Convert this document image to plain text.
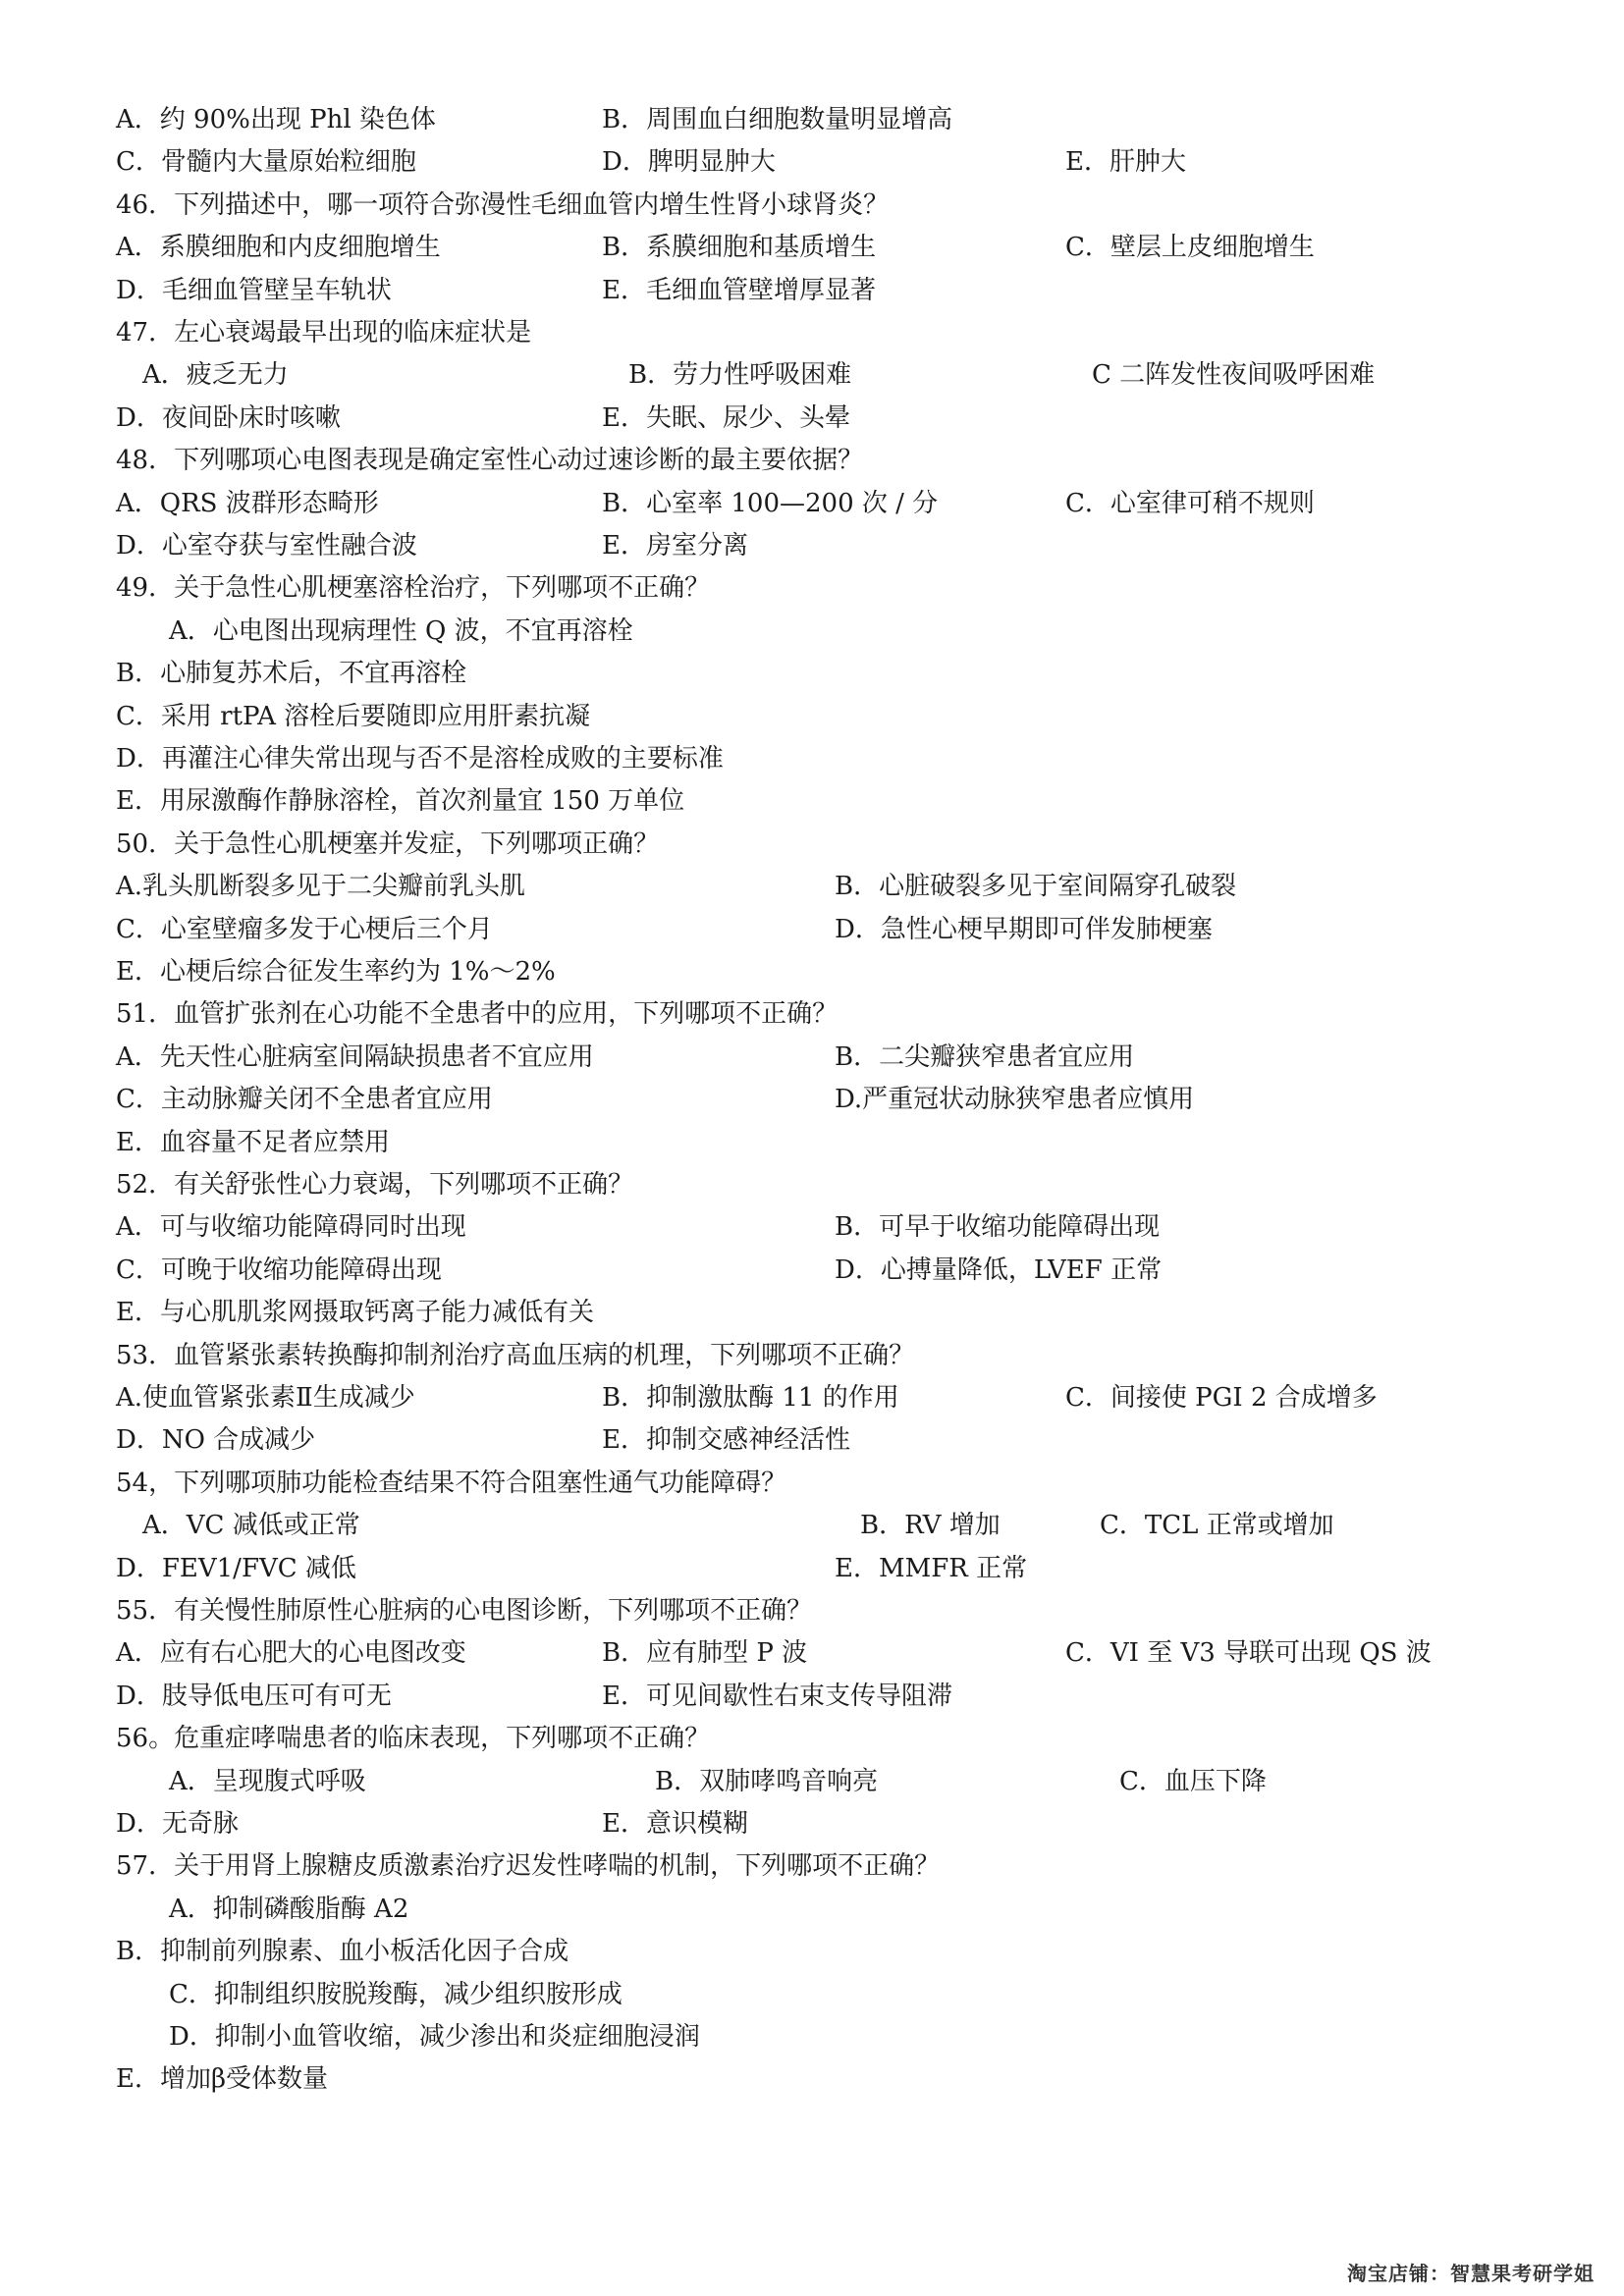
淘宝店铺：智慧果考研学姐
A．约 90%出现 Phl 染色体	B．周围血白细胞数量明显增高
C．骨髓内大量原始粒细胞	D．脾明显肿大	E．肝肿大
46．下列描述中，哪一项符合弥漫性毛细血管内增生性肾小球肾炎？
A．系膜细胞和内皮细胞增生	B．系膜细胞和基质增生	C．壁层上皮细胞增生
D．毛细血管壁呈车轨状	E．毛细血管壁增厚显著
47．左心衰竭最早出现的临床症状是
A．疲乏无力	B．劳力性呼吸困难	C 二阵发性夜间吸呼困难
D．夜间卧床时咳嗽	E．失眠、尿少、头晕
48．下列哪项心电图表现是确定室性心动过速诊断的最主要依据？
A．QRS 波群形态畸形	B．心室率 100—200 次 / 分	C．心室律可稍不规则
D．心室夺获与室性融合波	E．房室分离
49．关于急性心肌梗塞溶栓治疗，下列哪项不正确？
A．心电图出现病理性 Q 波，不宜再溶栓
B．心肺复苏术后，不宜再溶栓
C．采用 rtPA 溶栓后要随即应用肝素抗凝
D．再灌注心律失常出现与否不是溶栓成败的主要标准
E．用尿激酶作静脉溶栓，首次剂量宜 150 万单位
50．关于急性心肌梗塞并发症，下列哪项正确？
A.乳头肌断裂多见于二尖瓣前乳头肌	B．心脏破裂多见于室间隔穿孔破裂
C．心室壁瘤多发于心梗后三个月	D．急性心梗早期即可伴发肺梗塞
E．心梗后综合征发生率约为 1%～2%
51．血管扩张剂在心功能不全患者中的应用，下列哪项不正确？
A．先天性心脏病室间隔缺损患者不宜应用	B．二尖瓣狭窄患者宜应用
C．主动脉瓣关闭不全患者宜应用	D.严重冠状动脉狭窄患者应慎用
E．血容量不足者应禁用
52．有关舒张性心力衰竭，下列哪项不正确？
A．可与收缩功能障碍同时出现	B．可早于收缩功能障碍出现
C．可晚于收缩功能障碍出现	D．心搏量降低，LVEF 正常
E．与心肌肌浆网摄取钙离子能力减低有关
53．血管紧张素转换酶抑制剂治疗高血压病的机理，下列哪项不正确？
A.使血管紧张素Ⅱ生成减少	B．抑制激肽酶 11 的作用	C．间接使 PGI 2 合成增多
D．NO 合成减少	E．抑制交感神经活性
54，下列哪项肺功能检查结果不符合阻塞性通气功能障碍？
A．VC 减低或正常	B．RV 增加	C．TCL 正常或增加
D．FEV1/FVC 减低	E．MMFR 正常
55．有关慢性肺原性心脏病的心电图诊断，下列哪项不正确？
A．应有右心肥大的心电图改变	B．应有肺型 P 波	C．VI 至 V3 导联可出现 QS 波
D．肢导低电压可有可无	E．可见间歇性右束支传导阻滞
56。危重症哮喘患者的临床表现，下列哪项不正确？
A．呈现腹式呼吸	B．双肺哮鸣音响亮	C．血压下降
D．无奇脉	E．意识模糊
57．关于用肾上腺糖皮质激素治疗迟发性哮喘的机制，下列哪项不正确？
A．抑制磷酸脂酶 A2
B．抑制前列腺素、血小板活化因子合成
C．抑制组织胺脱羧酶，减少组织胺形成
D．抑制小血管收缩，减少渗出和炎症细胞浸润
E．增加β受体数量
